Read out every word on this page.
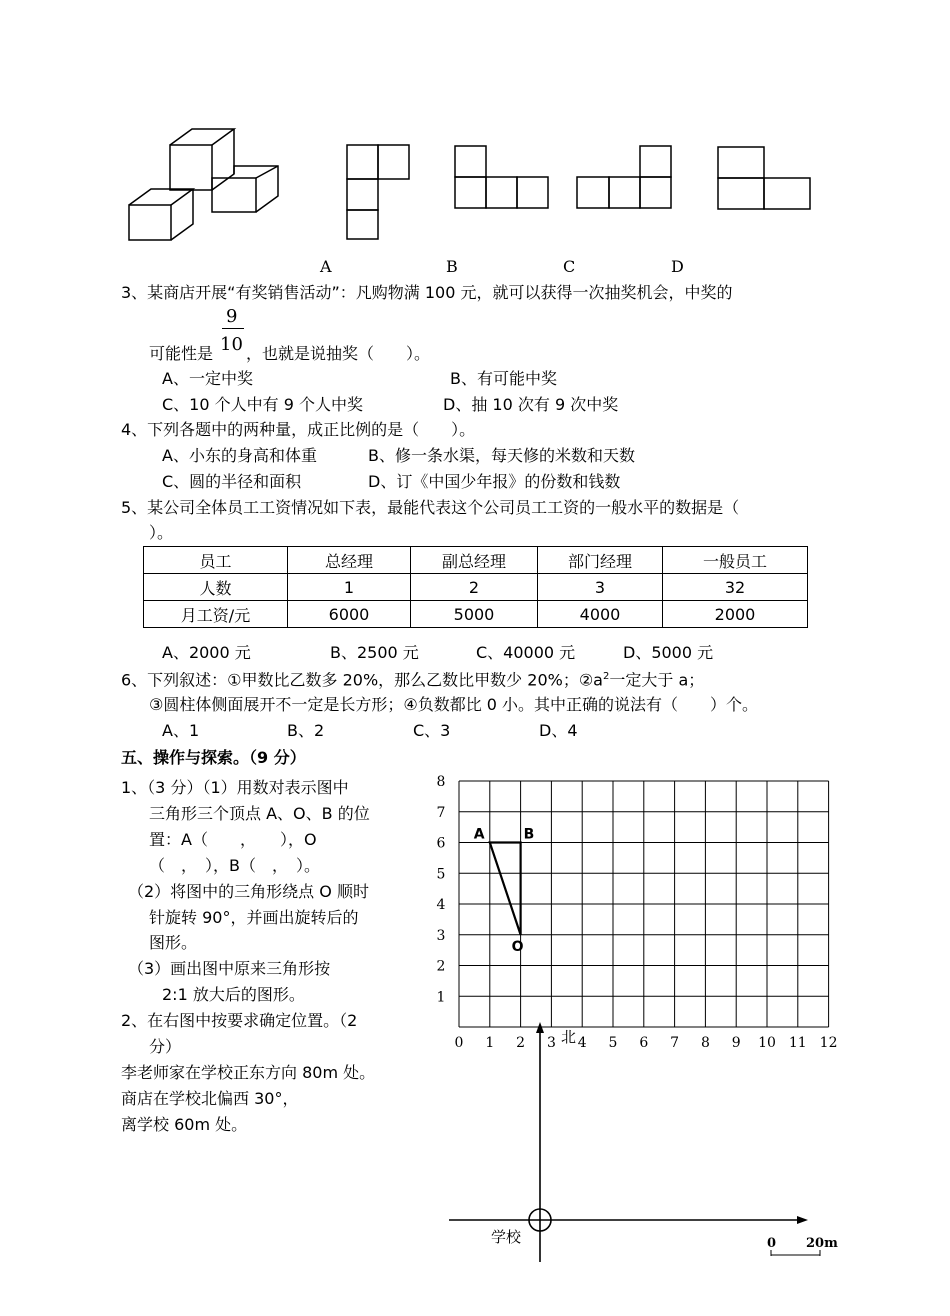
A	B	C	D
3、某商店开展“有奖销售活动”：凡购物满 100 元，就可以获得一次抽奖机会，中奖的
9
可能性是 10 ，也就是说抽奖（　　）。
A、一定中奖	B、有可能中奖
C、10 个人中有 9 个人中奖	D、抽 10 次有 9 次中奖
4、下列各题中的两种量，成正比例的是（　　）。
A、小东的身高和体重	B、修一条水渠，每天修的米数和天数
C、圆的半径和面积	D、订《中国少年报》的份数和钱数
5、某公司全体员工工资情况如下表，最能代表这个公司员工工资的一般水平的数据是（
）。
员工	总经理	副总经理	部门经理	一般员工
人数	1	2	3	32
月工资/元	6000	5000	4000	2000
A、2000 元	B、2500 元	C、40000 元	D、5000 元
6、下列叙述：①甲数比乙数多 20%，那么乙数比甲数少 20%；$②a^2$一定大于 a；
③圆柱体侧面展开不一定是长方形；④负数都比 0 小。其中正确的说法有（　　）个。
A、1	B、2	C、3	D、4
五、操作与探索。（9 分）
1、（3 分）（1）用数对表示图中
三角形三个顶点 A、O、B 的位
置：A（　　，　　），O
（　，　），B（　，　）。
（2）将图中的三角形绕点 O 顺时
针旋转 90°，并画出旋转后的
图形。
（3）画出图中原来三角形按
2:1 放大后的图形。
2、在右图中按要求确定位置。（2
分）
李老师家在学校正东方向 80m 处。
商店在学校北偏西 30°，
离学校 60m 处。
0 1 2 3 4 5 6 7 8 9 10 11 12
1
2
3
4
5
6
7
8
A	B
O
北
学校	0 20m
